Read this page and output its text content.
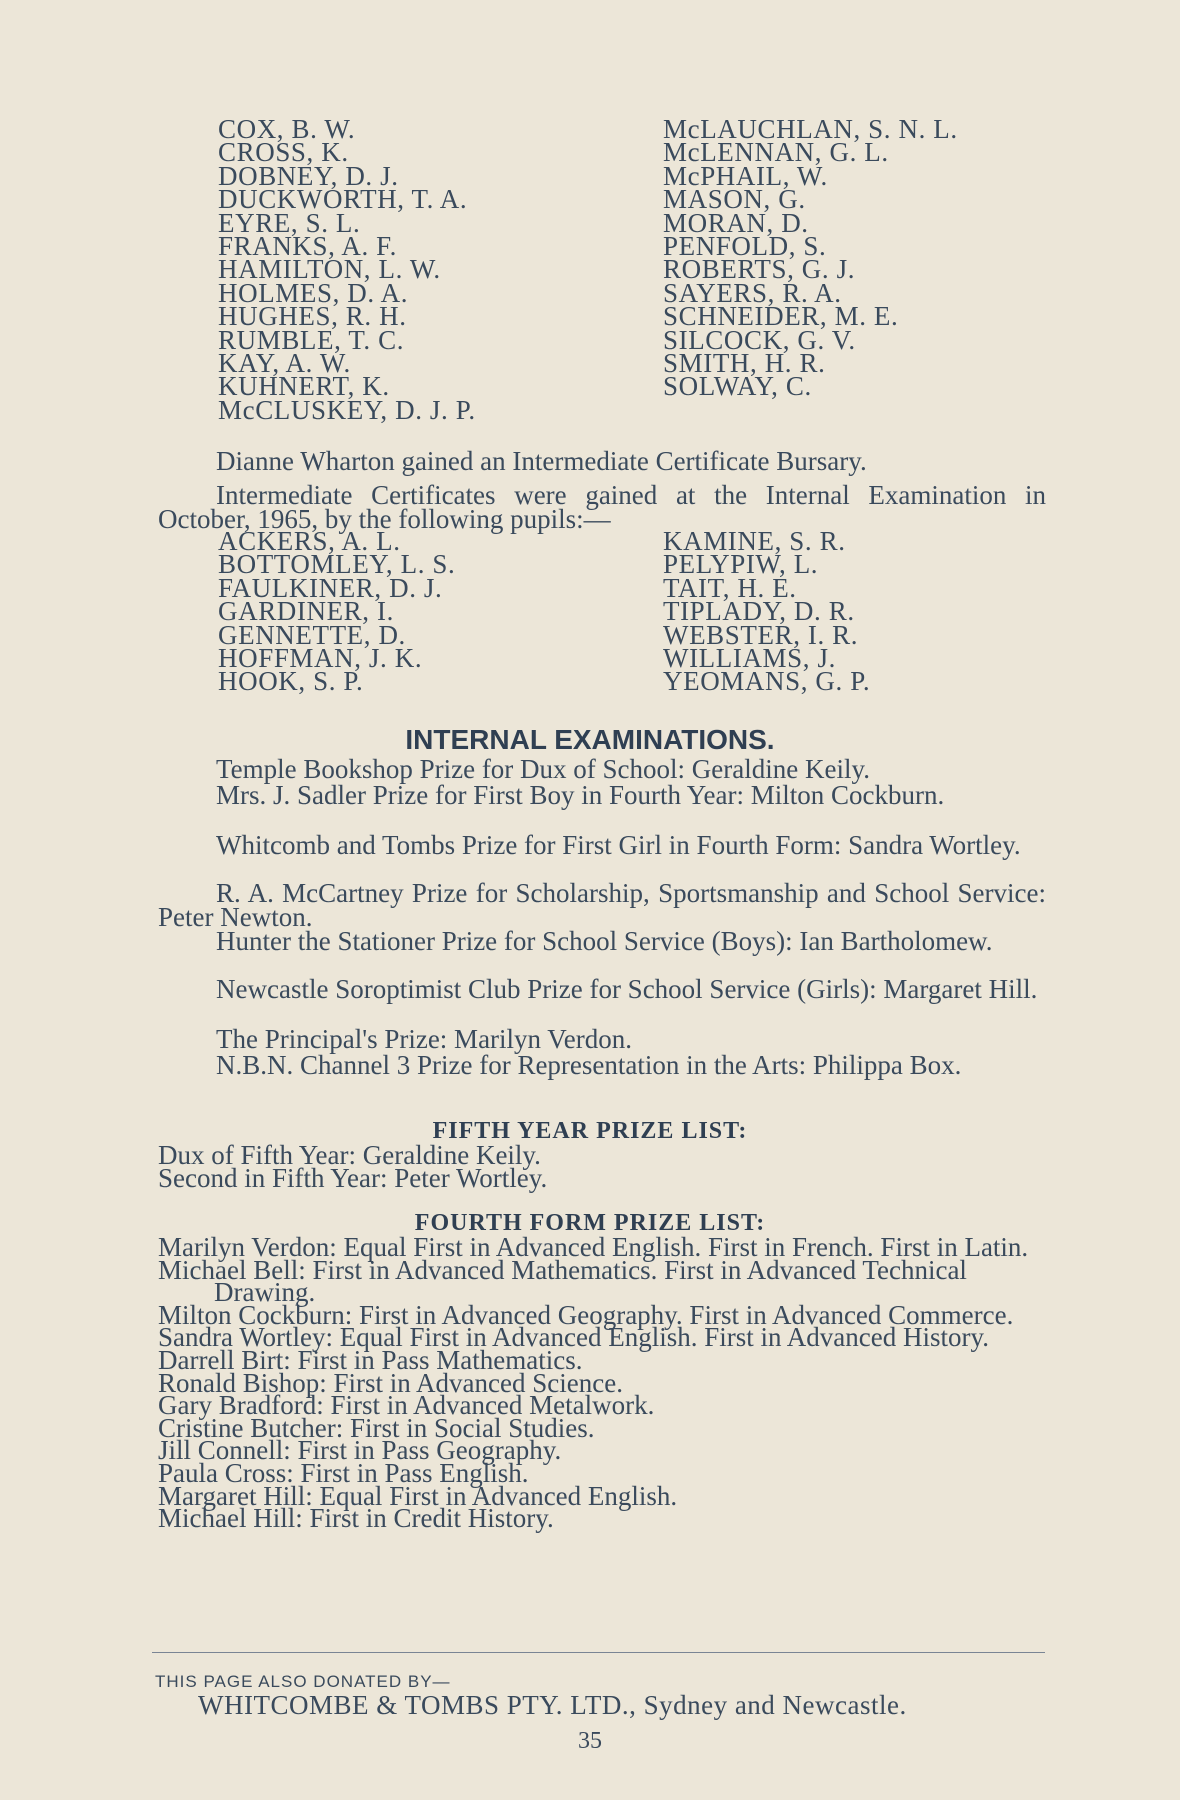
COX, B. W.
CROSS, K.
DOBNEY, D. J.
DUCKWORTH, T. A.
EYRE, S. L.
FRANKS, A. F.
HAMILTON, L. W.
HOLMES, D. A.
HUGHES, R. H.
RUMBLE, T. C.
KAY, A. W.
KUHNERT, K.
McCLUSKEY, D. J. P.
McLAUCHLAN, S. N. L.
McLENNAN, G. L.
McPHAIL, W.
MASON, G.
MORAN, D.
PENFOLD, S.
ROBERTS, G. J.
SAYERS, R. A.
SCHNEIDER, M. E.
SILCOCK, G. V.
SMITH, H. R.
SOLWAY, C.
Dianne Wharton gained an Intermediate Certificate Bursary.
Intermediate Certificates were gained at the Internal Examination in October, 1965, by the following pupils:—
ACKERS, A. L.
BOTTOMLEY, L. S.
FAULKINER, D. J.
GARDINER, I.
GENNETTE, D.
HOFFMAN, J. K.
HOOK, S. P.
KAMINE, S. R.
PELYPIW, L.
TAIT, H. E.
TIPLADY, D. R.
WEBSTER, I. R.
WILLIAMS, J.
YEOMANS, G. P.
INTERNAL EXAMINATIONS.
Temple Bookshop Prize for Dux of School: Geraldine Keily.
Mrs. J. Sadler Prize for First Boy in Fourth Year: Milton Cockburn.
Whitcomb and Tombs Prize for First Girl in Fourth Form: Sandra Wortley.
R. A. McCartney Prize for Scholarship, Sportsmanship and School Service: Peter Newton.
Hunter the Stationer Prize for School Service (Boys): Ian Bartholomew.
Newcastle Soroptimist Club Prize for School Service (Girls): Margaret Hill.
The Principal's Prize: Marilyn Verdon.
N.B.N. Channel 3 Prize for Representation in the Arts: Philippa Box.
FIFTH YEAR PRIZE LIST:
Dux of Fifth Year: Geraldine Keily.
Second in Fifth Year: Peter Wortley.
FOURTH FORM PRIZE LIST:
Marilyn Verdon: Equal First in Advanced English. First in French. First in Latin.
Michael Bell: First in Advanced Mathematics. First in Advanced Technical Drawing.
Milton Cockburn: First in Advanced Geography. First in Advanced Commerce.
Sandra Wortley: Equal First in Advanced English. First in Advanced History.
Darrell Birt: First in Pass Mathematics.
Ronald Bishop: First in Advanced Science.
Gary Bradford: First in Advanced Metalwork.
Cristine Butcher: First in Social Studies.
Jill Connell: First in Pass Geography.
Paula Cross: First in Pass English.
Margaret Hill: Equal First in Advanced English.
Michael Hill: First in Credit History.
THIS PAGE ALSO DONATED BY—
WHITCOMBE & TOMBS PTY. LTD., Sydney and Newcastle.
35
